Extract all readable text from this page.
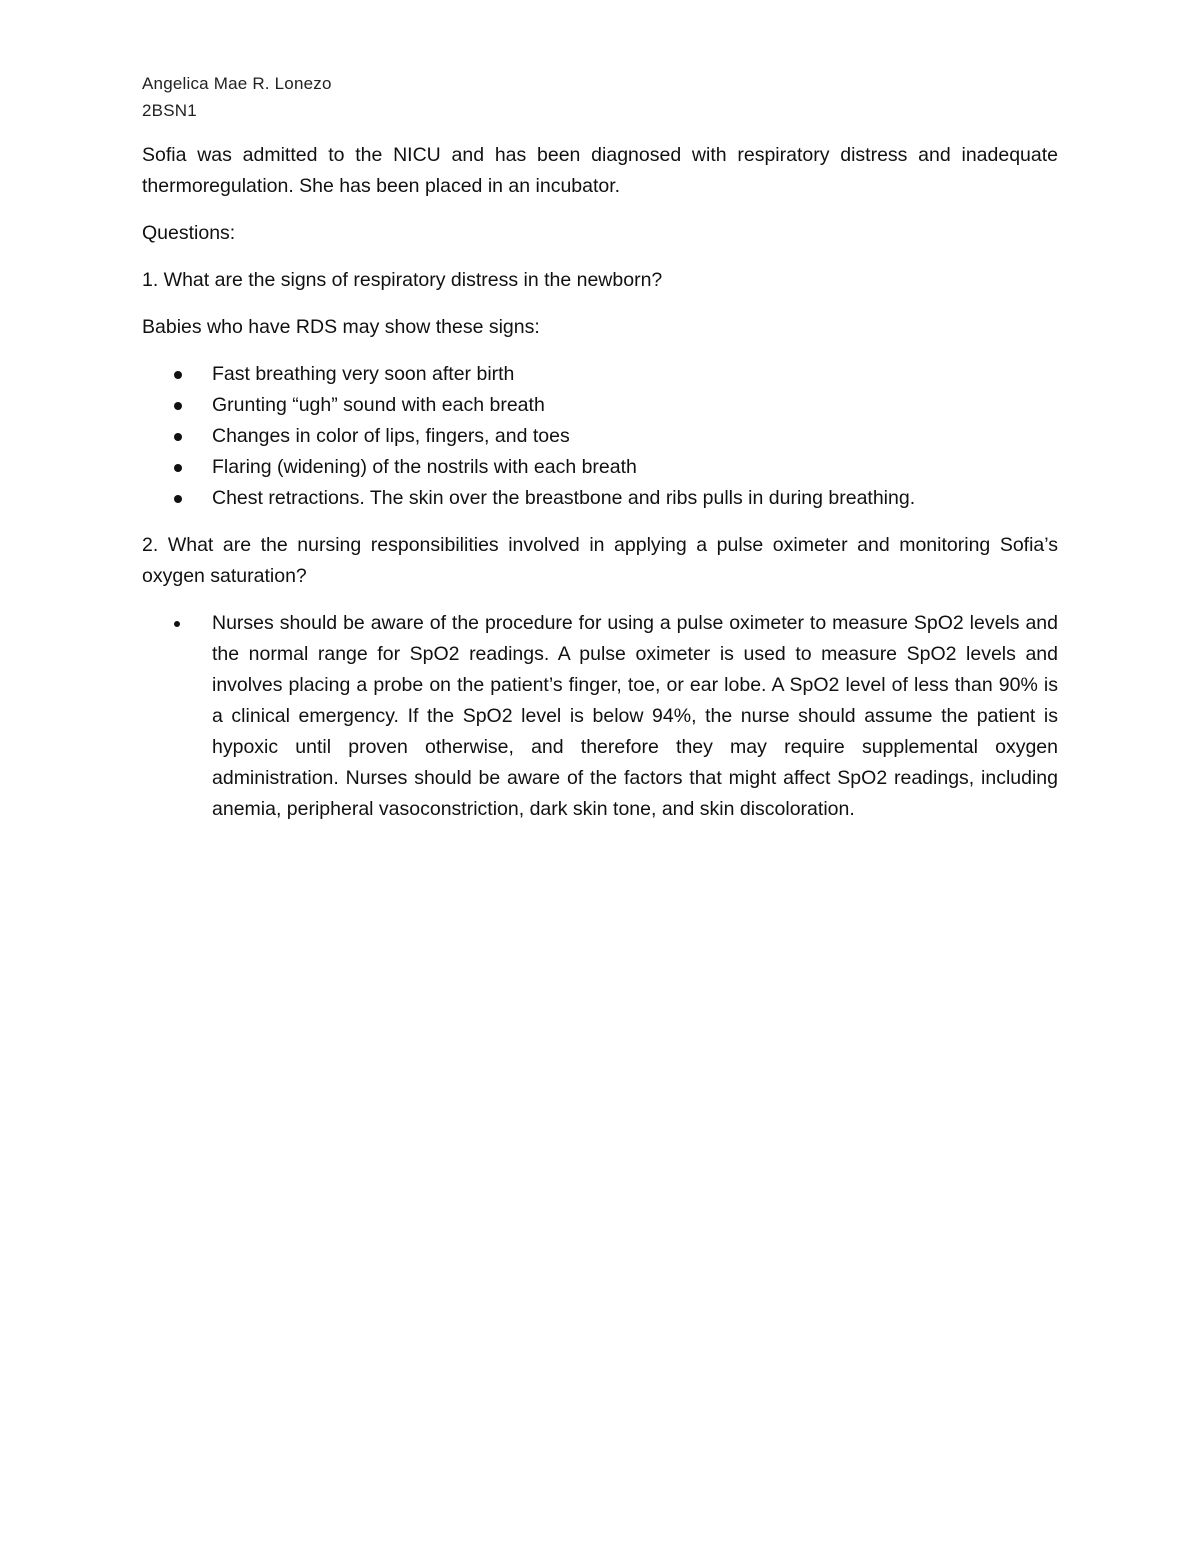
Angelica Mae R. Lonezo
2BSN1

Sofia was admitted to the NICU and has been diagnosed with respiratory distress and inadequate thermoregulation. She has been placed in an incubator.

Questions:

1. What are the signs of respiratory distress in the newborn?

Babies who have RDS may show these signs:

Fast breathing very soon after birth
Grunting “ugh” sound with each breath
Changes in color of lips, fingers, and toes
Flaring (widening) of the nostrils with each breath
Chest retractions. The skin over the breastbone and ribs pulls in during breathing.

2. What are the nursing responsibilities involved in applying a pulse oximeter and monitoring Sofia’s oxygen saturation?

Nurses should be aware of the procedure for using a pulse oximeter to measure SpO2 levels and the normal range for SpO2 readings. A pulse oximeter is used to measure SpO2 levels and involves placing a probe on the patient’s finger, toe, or ear lobe. A SpO2 level of less than 90% is a clinical emergency. If the SpO2 level is below 94%, the nurse should assume the patient is hypoxic until proven otherwise, and therefore they may require supplemental oxygen administration. Nurses should be aware of the factors that might affect SpO2 readings, including anemia, peripheral vasoconstriction, dark skin tone, and skin discoloration.
